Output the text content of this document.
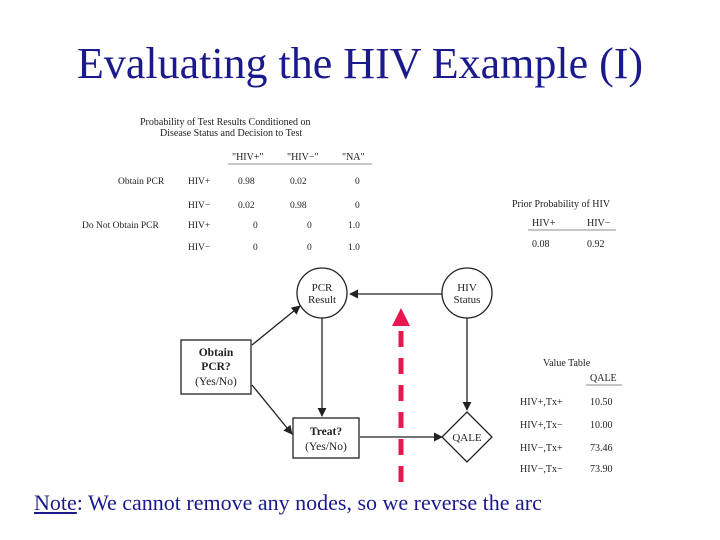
Evaluating the HIV Example (I)
Probability of Test Results Conditioned on
Disease Status and Decision to Test
"HIV+" "HIV−" "NA"
Obtain PCR	HIV+	0.98	0.02	0
HIV−	0.02	0.98	0
Do Not Obtain PCR	HIV+	0	0	1.0
HIV−	0	0	1.0
Prior Probability of HIV
HIV+	HIV−
0.08	0.92
PCR
Result
HIV
Status
Obtain
PCR?
(Yes/No)
Treat?
(Yes/No)
QALE
Value Table
QALE
HIV+,Tx+	10.50
HIV+,Tx−	10.00
HIV−,Tx+	73.46
HIV−,Tx−	73.90
Note: We cannot remove any nodes, so we reverse the arc
